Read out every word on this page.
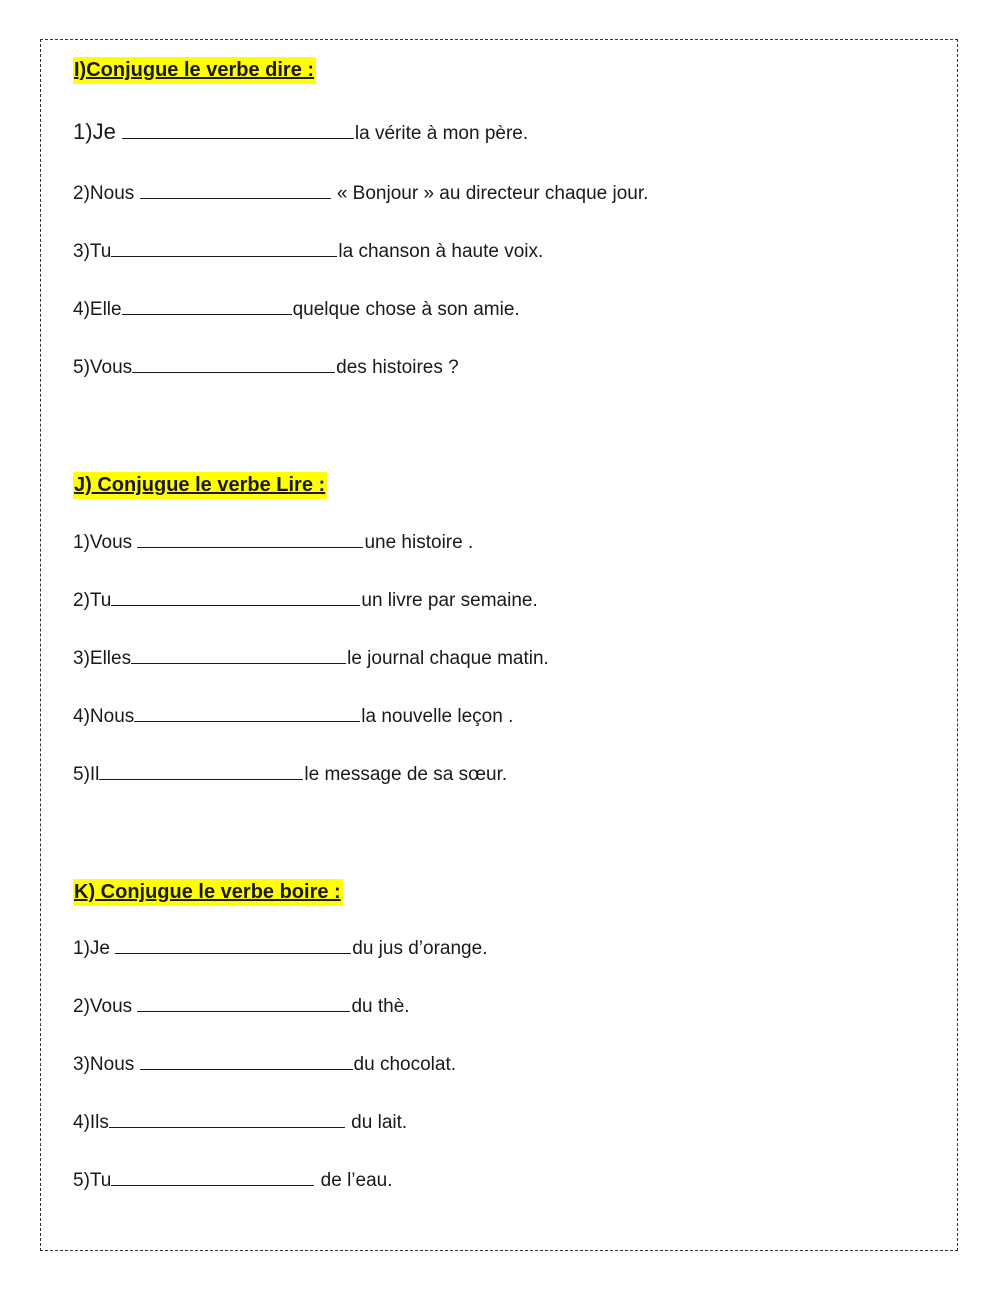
I)Conjugue le verbe dire :
1)Je	la vérite à mon père.
2)Nous	« Bonjour » au directeur chaque jour.
3)Tu	la chanson à haute voix.
4)Elle	quelque chose à son amie.
5)Vous	des histoires ?
J) Conjugue le verbe Lire :
1)Vous	une histoire .
2)Tu	un livre par semaine.
3)Elles	le journal chaque matin.
4)Nous	la nouvelle leçon .
5)Il	le message de sa sœur.
K) Conjugue le verbe boire :
1)Je	du jus d’orange.
2)Vous	du thè.
3)Nous	du chocolat.
4)Ils	du lait.
5)Tu	de l’eau.
